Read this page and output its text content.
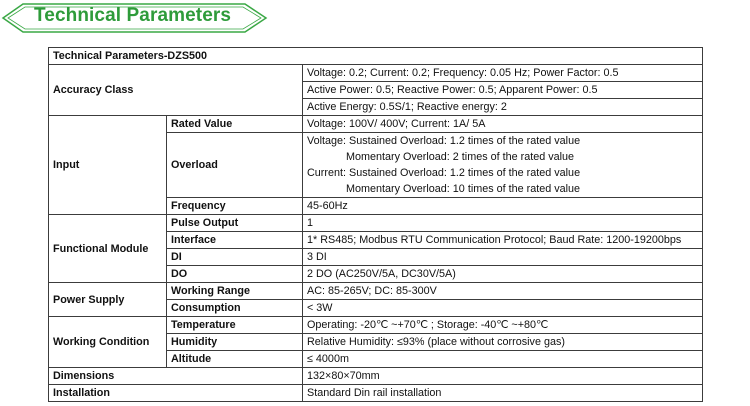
Technical Parameters
Technical Parameters-DZS500		
Accuracy Class		Voltage: 0.2; Current: 0.2; Frequency: 0.05 Hz; Power Factor: 0.5
		Active Power: 0.5; Reactive Power: 0.5; Apparent Power: 0.5
		Active Energy: 0.5S/1; Reactive energy: 2
Input	Rated Value	Voltage: 100V/ 400V; Current: 1A/ 5A
	Overload	Voltage: Sustained Overload: 1.2 times of the rated value
Momentary Overload: 2 times of the rated value
Current: Sustained Overload: 1.2 times of the rated value
Momentary Overload: 10 times of the rated value

	Frequency	45-60Hz
Functional Module	Pulse Output	1
	Interface	1* RS485; Modbus RTU Communication Protocol; Baud Rate: 1200-19200bps
	DI	3 DI
	DO	2 DO (AC250V/5A, DC30V/5A)
Power Supply	Working Range	AC: 85-265V; DC: 85-300V
	Consumption	< 3W
Working Condition	Temperature	Operating: -20℃ ~+70℃ ; Storage: -40℃ ~+80℃
	Humidity	Relative Humidity: ≤93% (place without corrosive gas)
	Altitude	≤ 4000m
Dimensions		132×80×70mm
Installation		Standard Din rail installation
